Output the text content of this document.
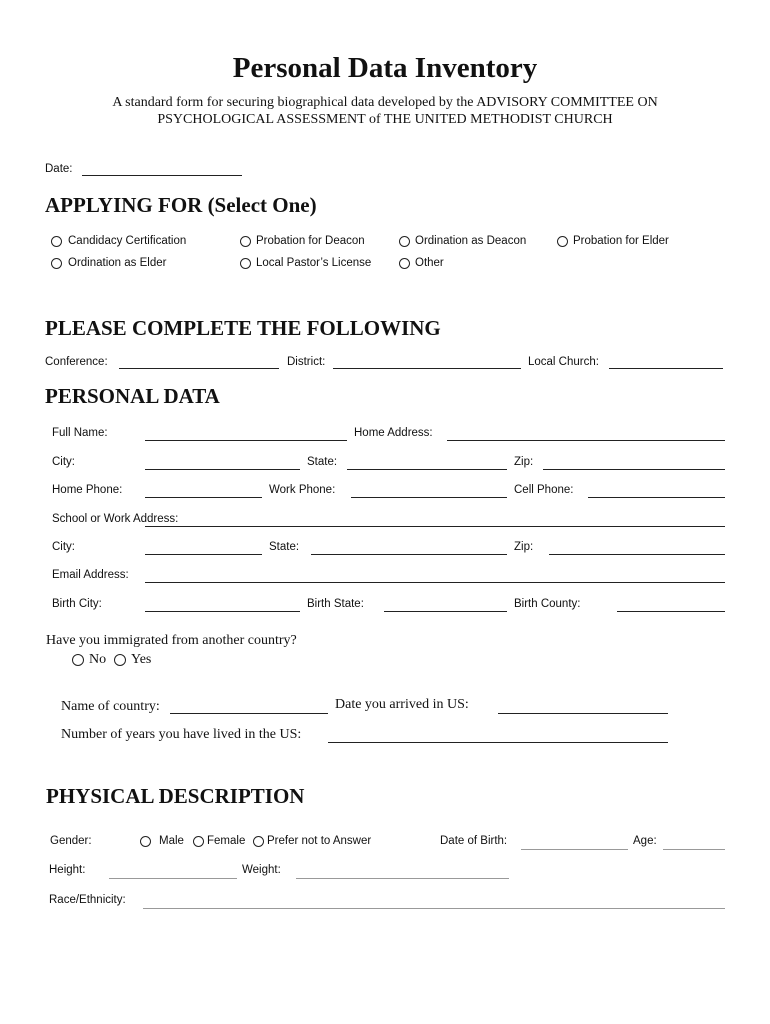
Personal Data Inventory
A standard form for securing biographical data developed by the ADVISORY COMMITTEE ON
PSYCHOLOGICAL ASSESSMENT of THE UNITED METHODIST CHURCH
Date:
APPLYING FOR (Select One)
Candidacy Certification	Probation for Deacon	Ordination as Deacon	Probation for Elder
Ordination as Elder	Local Pastor’s License	Other
PLEASE COMPLETE THE FOLLOWING
Conference:	District:	Local Church:
PERSONAL DATA
Full Name:	Home Address:
City:	State:	Zip:
Home Phone:	Work Phone:	Cell Phone:
School or Work Address:
City:	State:	Zip:
Email Address:
Birth City:	Birth State:	Birth County:
Have you immigrated from another country?
No Yes
Name of country:	Date you arrived in US:
Number of years you have lived in the US:
PHYSICAL DESCRIPTION
Gender:	Male Female Prefer not to Answer	Date of Birth:	Age:
Height:	Weight:
Race/Ethnicity:
